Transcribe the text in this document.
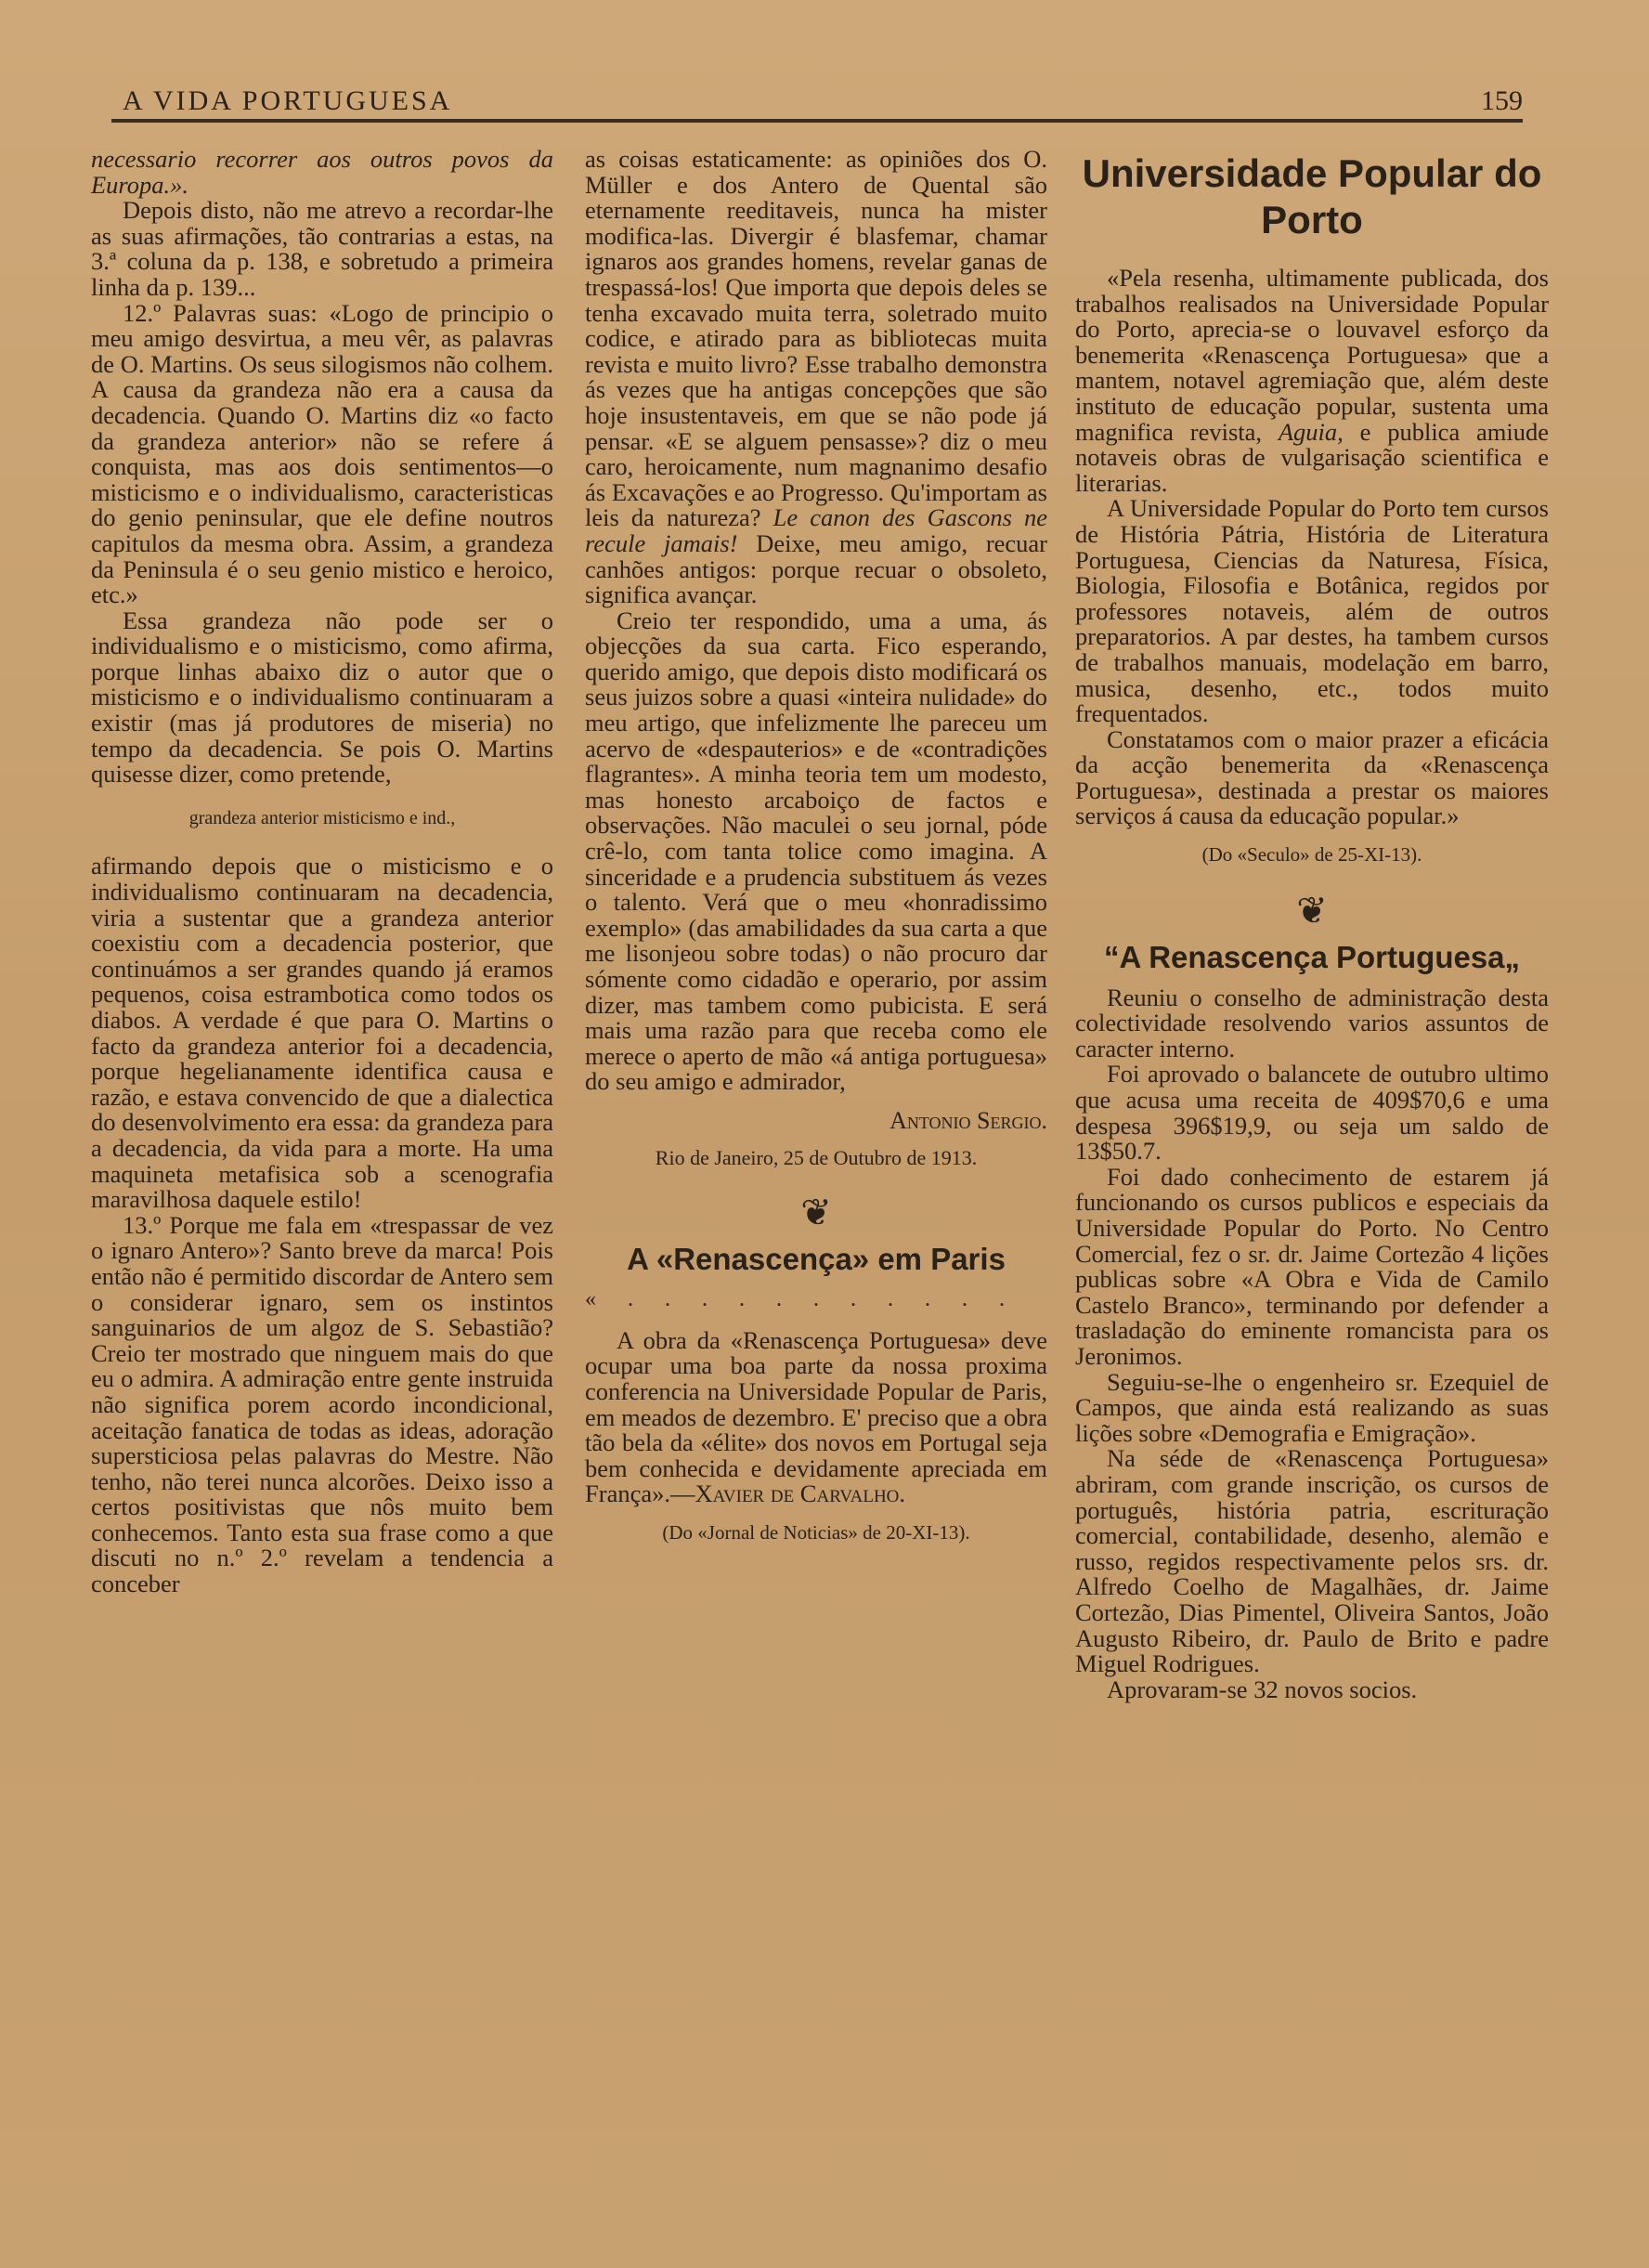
A VIDA PORTUGUESA	159

necessario recorrer aos outros povos da Europa.».

Depois disto, não me atrevo a recordar-lhe as suas afirmações, tão contrarias a estas, na 3.ª coluna da p. 138, e sobretudo a primeira linha da p. 139...

12.º Palavras suas: «Logo de principio o meu amigo desvirtua, a meu vêr, as palavras de O. Martins. Os seus silogismos não colhem. A causa da grandeza não era a causa da decadencia. Quando O. Martins diz «o facto da grandeza anterior» não se refere á conquista, mas aos dois sentimentos—o misticismo e o individualismo, caracteristicas do genio peninsular, que ele define noutros capitulos da mesma obra. Assim, a grandeza da Peninsula é o seu genio mistico e heroico, etc.»

Essa grandeza não pode ser o individualismo e o misticismo, como afirma, porque linhas abaixo diz o autor que o misticismo e o individualismo continuaram a existir (mas já produtores de miseria) no tempo da decadencia. Se pois O. Martins quisesse dizer, como pretende,

grandeza anterior misticismo e ind.,

afirmando depois que o misticismo e o individualismo continuaram na decadencia, viria a sustentar que a grandeza anterior coexistiu com a decadencia posterior, que continuámos a ser grandes quando já eramos pequenos, coisa estrambotica como todos os diabos. A verdade é que para O. Martins o facto da grandeza anterior foi a decadencia, porque hegelianamente identifica causa e razão, e estava convencido de que a dialectica do desenvolvimento era essa: da grandeza para a decadencia, da vida para a morte. Ha uma maquineta metafisica sob a scenografia maravilhosa daquele estilo!

13.º Porque me fala em «trespassar de vez o ignaro Antero»? Santo breve da marca! Pois então não é permitido discordar de Antero sem o considerar ignaro, sem os instintos sanguinarios de um algoz de S. Sebastião? Creio ter mostrado que ninguem mais do que eu o admira. A admiração entre gente instruida não significa porem acordo incondicional, aceitação fanatica de todas as ideas, adoração supersticiosa pelas palavras do Mestre. Não tenho, não terei nunca alcorões. Deixo isso a certos positivistas que nôs muito bem conhecemos. Tanto esta sua frase como a que discuti no n.º 2.º revelam a tendencia a conceber

as coisas estaticamente: as opiniões dos O. Müller e dos Antero de Quental são eternamente reeditaveis, nunca ha mister modifica-las. Divergir é blasfemar, chamar ignaros aos grandes homens, revelar ganas de trespassá-los! Que importa que depois deles se tenha excavado muita terra, soletrado muito codice, e atirado para as bibliotecas muita revista e muito livro? Esse trabalho demonstra ás vezes que ha antigas concepções que são hoje insustentaveis, em que se não pode já pensar. «E se alguem pensasse»? diz o meu caro, heroicamente, num magnanimo desafio ás Excavações e ao Progresso. Qu'importam as leis da natureza? Le canon des Gascons ne recule jamais! Deixe, meu amigo, recuar canhões antigos: porque recuar o obsoleto, significa avançar.

Creio ter respondido, uma a uma, ás objecções da sua carta. Fico esperando, querido amigo, que depois disto modificará os seus juizos sobre a quasi «inteira nulidade» do meu artigo, que infelizmente lhe pareceu um acervo de «despauterios» e de «contradições flagrantes». A minha teoria tem um modesto, mas honesto arcaboiço de factos e observações. Não maculei o seu jornal, póde crê-lo, com tanta tolice como imagina. A sinceridade e a prudencia substituem ás vezes o talento. Verá que o meu «honradissimo exemplo» (das amabilidades da sua carta a que me lisonjeou sobre todas) o não procuro dar sómente como cidadão e operario, por assim dizer, mas tambem como pubicista. E será mais uma razão para que receba como ele merece o aperto de mão «á antiga portuguesa» do seu amigo e admirador,

Antonio Sergio.
Rio de Janeiro, 25 de Outubro de 1913.
❦
A «Renascença» em Paris
« . . . . . . . . . . .

A obra da «Renascença Portuguesa» deve ocupar uma boa parte da nossa proxima conferencia na Universidade Popular de Paris, em meados de dezembro. E' preciso que a obra tão bela da «élite» dos novos em Portugal seja bem conhecida e devidamente apreciada em França».—Xavier de Carvalho.

(Do «Jornal de Noticias» de 20-XI-13).
Universidade Popular do Porto

«Pela resenha, ultimamente publicada, dos trabalhos realisados na Universidade Popular do Porto, aprecia-se o louvavel esforço da benemerita «Renascença Portuguesa» que a mantem, notavel agremiação que, além deste instituto de educação popular, sustenta uma magnifica revista, Aguia, e publica amiude notaveis obras de vulgarisação scientifica e literarias.

A Universidade Popular do Porto tem cursos de História Pátria, História de Literatura Portuguesa, Ciencias da Naturesa, Física, Biologia, Filosofia e Botânica, regidos por professores notaveis, além de outros preparatorios. A par destes, ha tambem cursos de trabalhos manuais, modelação em barro, musica, desenho, etc., todos muito frequentados.

Constatamos com o maior prazer a eficácia da acção benemerita da «Renascença Portuguesa», destinada a prestar os maiores serviços á causa da educação popular.»

(Do «Seculo» de 25-XI-13).
❦
“A Renascença Portuguesa„

Reuniu o conselho de administração desta colectividade resolvendo varios assuntos de caracter interno.

Foi aprovado o balancete de outubro ultimo que acusa uma receita de 409$70,6 e uma despesa 396$19,9, ou seja um saldo de 13$50.7.

Foi dado conhecimento de estarem já funcionando os cursos publicos e especiais da Universidade Popular do Porto. No Centro Comercial, fez o sr. dr. Jaime Cortezão 4 lições publicas sobre «A Obra e Vida de Camilo Castelo Branco», terminando por defender a trasladação do eminente romancista para os Jeronimos.

Seguiu-se-lhe o engenheiro sr. Ezequiel de Campos, que ainda está realizando as suas lições sobre «Demografia e Emigração».

Na séde de «Renascença Portuguesa» abriram, com grande inscrição, os cursos de português, história patria, escrituração comercial, contabilidade, desenho, alemão e russo, regidos respectivamente pelos srs. dr. Alfredo Coelho de Magalhães, dr. Jaime Cortezão, Dias Pimentel, Oliveira Santos, João Augusto Ribeiro, dr. Paulo de Brito e padre Miguel Rodrigues.

Aprovaram-se 32 novos socios.
